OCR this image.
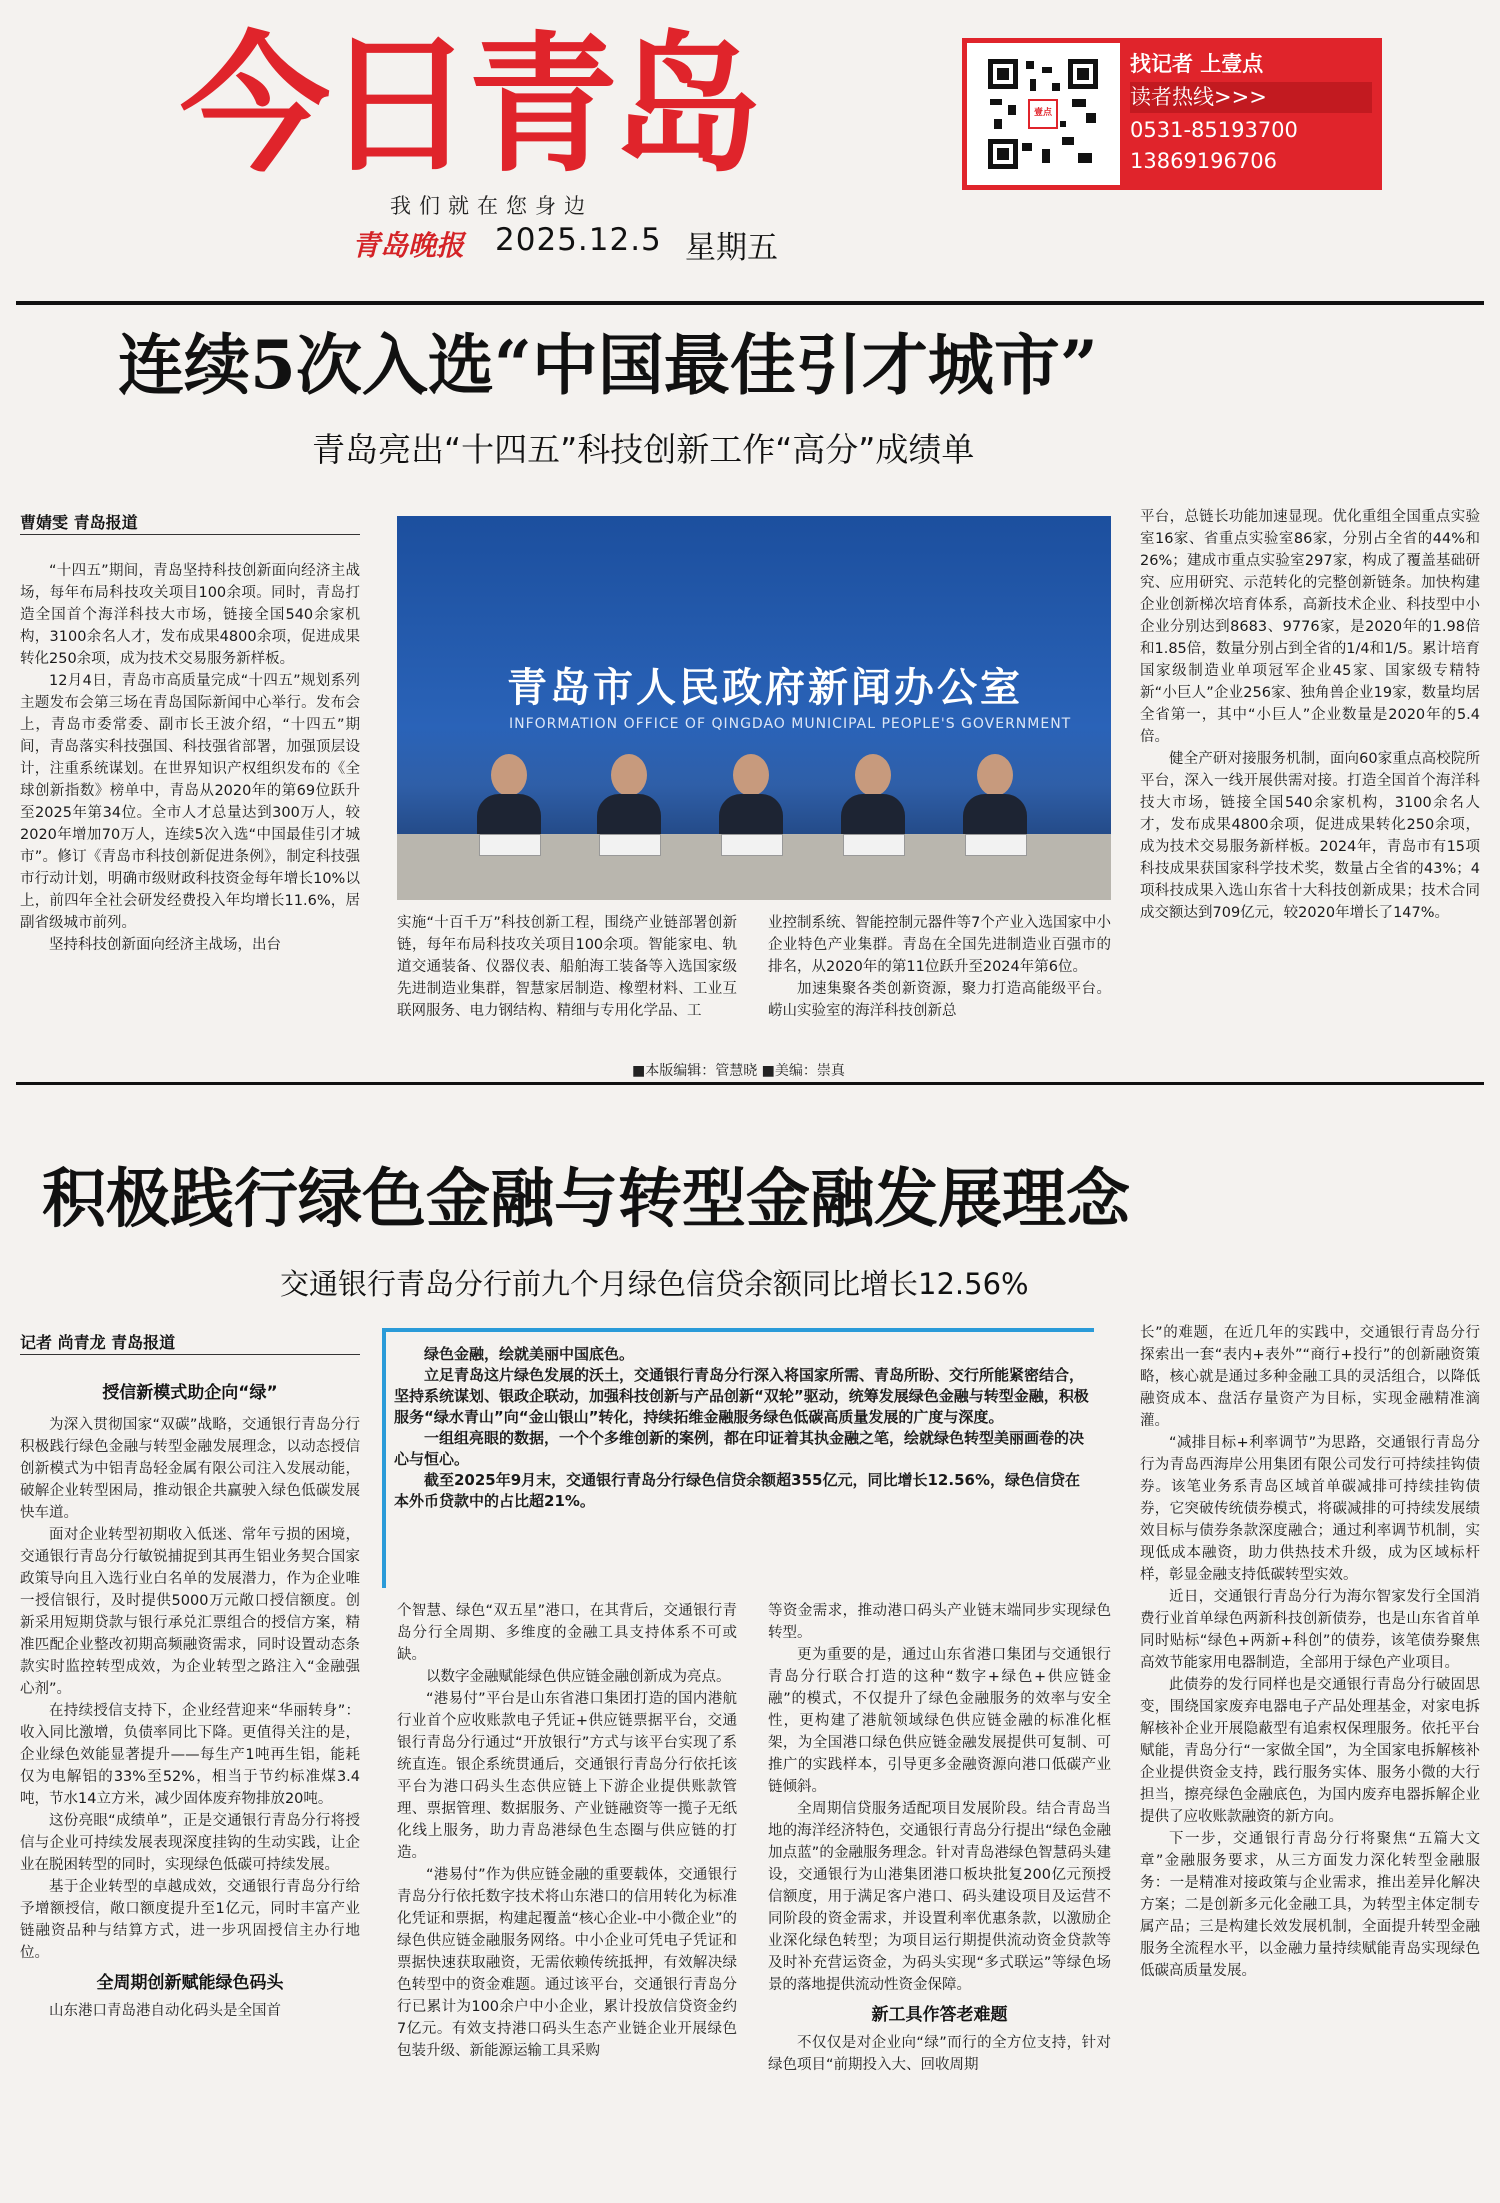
今日青岛
我们就在您身边
青岛晚报 2025.12.5 星期五
壹点
找记者 上壹点
读者热线>>>
0531-85193700
13869196706
连续5次入选“中国最佳引才城市”
青岛亮出“十四五”科技创新工作“高分”成绩单
曹婧雯 青岛报道

“十四五”期间，青岛坚持科技创新面向经济主战场，每年布局科技攻关项目100余项。同时，青岛打造全国首个海洋科技大市场，链接全国540余家机构，3100余名人才，发布成果4800余项，促进成果转化250余项，成为技术交易服务新样板。

12月4日，青岛市高质量完成“十四五”规划系列主题发布会第三场在青岛国际新闻中心举行。发布会上，青岛市委常委、副市长王波介绍，“十四五”期间，青岛落实科技强国、科技强省部署，加强顶层设计，注重系统谋划。在世界知识产权组织发布的《全球创新指数》榜单中，青岛从2020年的第69位跃升至2025年第34位。全市人才总量达到300万人，较2020年增加70万人，连续5次入选“中国最佳引才城市”。修订《青岛市科技创新促进条例》，制定科技强市行动计划，明确市级财政科技资金每年增长10%以上，前四年全社会研发经费投入年均增长11.6%，居副省级城市前列。

坚持科技创新面向经济主战场，出台

青岛市人民政府新闻办公室
INFORMATION OFFICE OF QINGDAO MUNICIPAL PEOPLE'S GOVERNMENT

实施“十百千万”科技创新工程，围绕产业链部署创新链，每年布局科技攻关项目100余项。智能家电、轨道交通装备、仪器仪表、船舶海工装备等入选国家级先进制造业集群，智慧家居制造、橡塑材料、工业互联网服务、电力钢结构、精细与专用化学品、工

业控制系统、智能控制元器件等7个产业入选国家中小企业特色产业集群。青岛在全国先进制造业百强市的排名，从2020年的第11位跃升至2024年第6位。

加速集聚各类创新资源，聚力打造高能级平台。崂山实验室的海洋科技创新总

平台，总链长功能加速显现。优化重组全国重点实验室16家、省重点实验室86家，分别占全省的44%和26%；建成市重点实验室297家，构成了覆盖基础研究、应用研究、示范转化的完整创新链条。加快构建企业创新梯次培育体系，高新技术企业、科技型中小企业分别达到8683、9776家，是2020年的1.98倍和1.85倍，数量分别占到全省的1/4和1/5。累计培育国家级制造业单项冠军企业45家、国家级专精特新“小巨人”企业256家、独角兽企业19家，数量均居全省第一，其中“小巨人”企业数量是2020年的5.4倍。

健全产研对接服务机制，面向60家重点高校院所平台，深入一线开展供需对接。打造全国首个海洋科技大市场，链接全国540余家机构，3100余名人才，发布成果4800余项，促进成果转化250余项，成为技术交易服务新样板。2024年，青岛市有15项科技成果获国家科学技术奖，数量占全省的43%；4项科技成果入选山东省十大科技创新成果；技术合同成交额达到709亿元，较2020年增长了147%。

■本版编辑：管慧晓 ■美编：崇真
积极践行绿色金融与转型金融发展理念
交通银行青岛分行前九个月绿色信贷余额同比增长12.56%
记者 尚青龙 青岛报道

绿色金融，绘就美丽中国底色。

立足青岛这片绿色发展的沃土，交通银行青岛分行深入将国家所需、青岛所盼、交行所能紧密结合，坚持系统谋划、银政企联动，加强科技创新与产品创新“双轮”驱动，统筹发展绿色金融与转型金融，积极服务“绿水青山”向“金山银山”转化，持续拓维金融服务绿色低碳高质量发展的广度与深度。

一组组亮眼的数据，一个个多维创新的案例，都在印证着其执金融之笔，绘就绿色转型美丽画卷的决心与恒心。

截至2025年9月末，交通银行青岛分行绿色信贷余额超355亿元，同比增长12.56%，绿色信贷在本外币贷款中的占比超21%。

授信新模式助企向“绿”

为深入贯彻国家“双碳”战略，交通银行青岛分行积极践行绿色金融与转型金融发展理念，以动态授信创新模式为中铝青岛轻金属有限公司注入发展动能，破解企业转型困局，推动银企共赢驶入绿色低碳发展快车道。

面对企业转型初期收入低迷、常年亏损的困境，交通银行青岛分行敏锐捕捉到其再生铝业务契合国家政策导向且入选行业白名单的发展潜力，作为企业唯一授信银行，及时提供5000万元敞口授信额度。创新采用短期贷款与银行承兑汇票组合的授信方案，精准匹配企业整改初期高频融资需求，同时设置动态条款实时监控转型成效，为企业转型之路注入“金融强心剂”。

在持续授信支持下，企业经营迎来“华丽转身”：收入同比激增，负债率同比下降。更值得关注的是，企业绿色效能显著提升——每生产1吨再生铝，能耗仅为电解铝的33%至52%，相当于节约标准煤3.4吨，节水14立方米，减少固体废弃物排放20吨。

这份亮眼“成绩单”，正是交通银行青岛分行将授信与企业可持续发展表现深度挂钩的生动实践，让企业在脱困转型的同时，实现绿色低碳可持续发展。

基于企业转型的卓越成效，交通银行青岛分行给予增额授信，敞口额度提升至1亿元，同时丰富产业链融资品种与结算方式，进一步巩固授信主办行地位。

全周期创新赋能绿色码头

山东港口青岛港自动化码头是全国首

个智慧、绿色“双五星”港口，在其背后，交通银行青岛分行全周期、多维度的金融工具支持体系不可或缺。

以数字金融赋能绿色供应链金融创新成为亮点。

“港易付”平台是山东省港口集团打造的国内港航行业首个应收账款电子凭证+供应链票据平台，交通银行青岛分行通过“开放银行”方式与该平台实现了系统直连。银企系统贯通后，交通银行青岛分行依托该平台为港口码头生态供应链上下游企业提供账款管理、票据管理、数据服务、产业链融资等一揽子无纸化线上服务，助力青岛港绿色生态圈与供应链的打造。

“港易付”作为供应链金融的重要载体，交通银行青岛分行依托数字技术将山东港口的信用转化为标准化凭证和票据，构建起覆盖“核心企业-中小微企业”的绿色供应链金融服务网络。中小企业可凭电子凭证和票据快速获取融资，无需依赖传统抵押，有效解决绿色转型中的资金难题。通过该平台，交通银行青岛分行已累计为100余户中小企业，累计投放信贷资金约7亿元。有效支持港口码头生态产业链企业开展绿色包装升级、新能源运输工具采购

等资金需求，推动港口码头产业链末端同步实现绿色转型。

更为重要的是，通过山东省港口集团与交通银行青岛分行联合打造的这种“数字+绿色+供应链金融”的模式，不仅提升了绿色金融服务的效率与安全性，更构建了港航领域绿色供应链金融的标准化框架，为全国港口绿色供应链金融发展提供可复制、可推广的实践样本，引导更多金融资源向港口低碳产业链倾斜。

全周期信贷服务适配项目发展阶段。结合青岛当地的海洋经济特色，交通银行青岛分行提出“绿色金融加点蓝”的金融服务理念。针对青岛港绿色智慧码头建设，交通银行为山港集团港口板块批复200亿元预授信额度，用于满足客户港口、码头建设项目及运营不同阶段的资金需求，并设置利率优惠条款，以激励企业深化绿色转型；为项目运行期提供流动资金贷款等及时补充营运资金，为码头实现“多式联运”等绿色场景的落地提供流动性资金保障。

新工具作答老难题

不仅仅是对企业向“绿”而行的全方位支持，针对绿色项目“前期投入大、回收周期

长”的难题，在近几年的实践中，交通银行青岛分行探索出一套“表内+表外”“商行+投行”的创新融资策略，核心就是通过多种金融工具的灵活组合，以降低融资成本、盘活存量资产为目标，实现金融精准滴灌。

“减排目标+利率调节”为思路，交通银行青岛分行为青岛西海岸公用集团有限公司发行可持续挂钩债券。该笔业务系青岛区域首单碳减排可持续挂钩债券，它突破传统债券模式，将碳减排的可持续发展绩效目标与债券条款深度融合；通过利率调节机制，实现低成本融资，助力供热技术升级，成为区域标杆样，彰显金融支持低碳转型实效。

近日，交通银行青岛分行为海尔智家发行全国消费行业首单绿色两新科技创新债券，也是山东省首单同时贴标“绿色+两新+科创”的债券，该笔债券聚焦高效节能家用电器制造，全部用于绿色产业项目。

此债券的发行同样也是交通银行青岛分行破固思变，围绕国家废弃电器电子产品处理基金，对家电拆解核补企业开展隐蔽型有追索权保理服务。依托平台赋能，青岛分行“一家做全国”，为全国家电拆解核补企业提供资金支持，践行服务实体、服务小微的大行担当，擦亮绿色金融底色，为国内废弃电器拆解企业提供了应收账款融资的新方向。

下一步，交通银行青岛分行将聚焦“五篇大文章”金融服务要求，从三方面发力深化转型金融服务：一是精准对接政策与企业需求，推出差异化解决方案；二是创新多元化金融工具，为转型主体定制专属产品；三是构建长效发展机制，全面提升转型金融服务全流程水平，以金融力量持续赋能青岛实现绿色低碳高质量发展。
